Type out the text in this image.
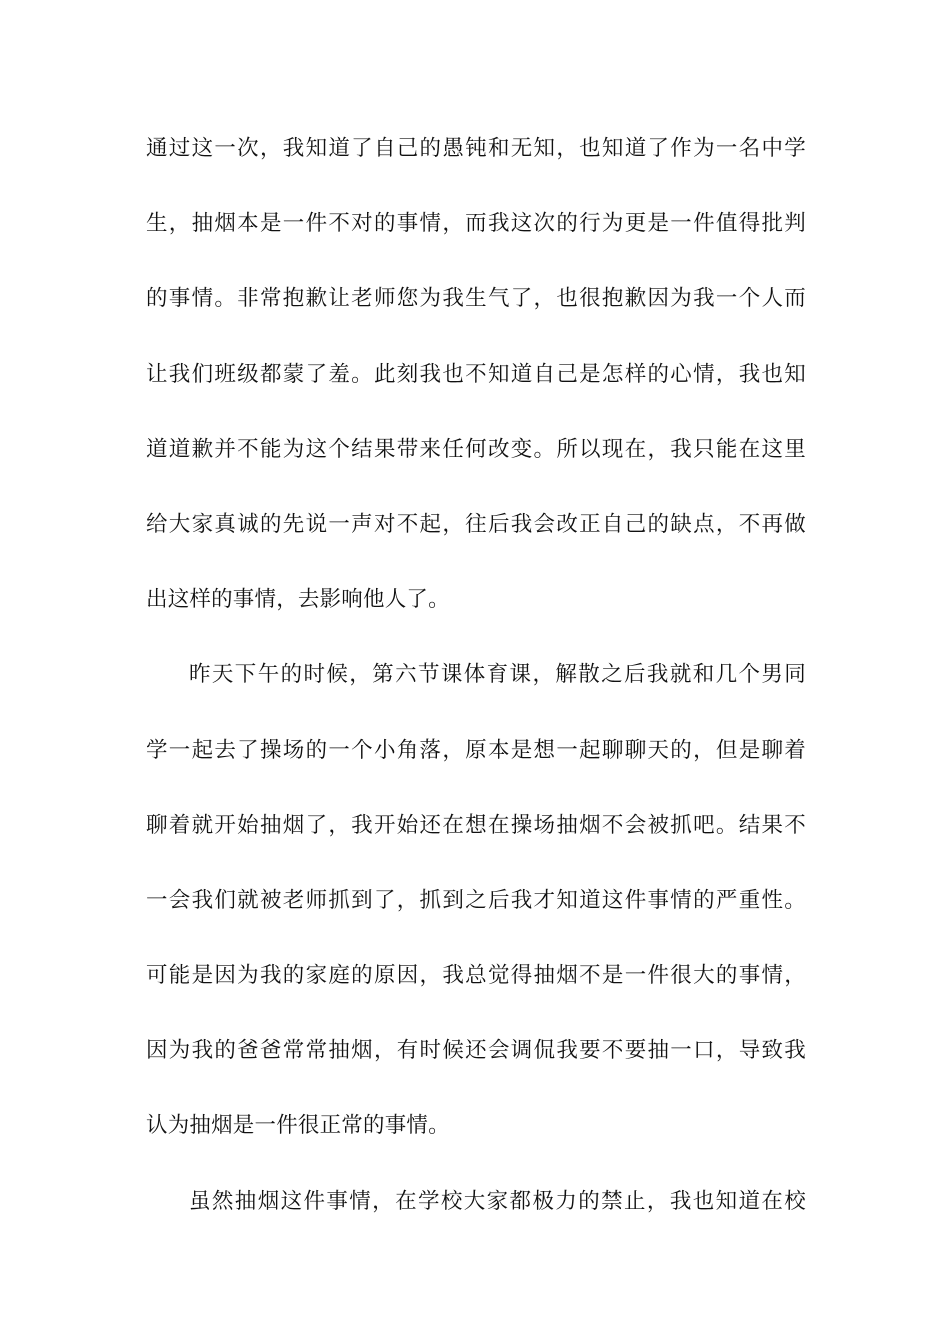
通过这一次，我知道了自己的愚钝和无知，也知道了作为一名中学
生，抽烟本是一件不对的事情，而我这次的行为更是一件值得批判
的事情。非常抱歉让老师您为我生气了，也很抱歉因为我一个人而
让我们班级都蒙了羞。此刻我也不知道自己是怎样的心情，我也知
道道歉并不能为这个结果带来任何改变。所以现在，我只能在这里
给大家真诚的先说一声对不起，往后我会改正自己的缺点，不再做
出这样的事情，去影响他人了。
昨天下午的时候，第六节课体育课，解散之后我就和几个男同
学一起去了操场的一个小角落，原本是想一起聊聊天的，但是聊着
聊着就开始抽烟了，我开始还在想在操场抽烟不会被抓吧。结果不
一会我们就被老师抓到了，抓到之后我才知道这件事情的严重性。
可能是因为我的家庭的原因，我总觉得抽烟不是一件很大的事情，
因为我的爸爸常常抽烟，有时候还会调侃我要不要抽一口，导致我
认为抽烟是一件很正常的事情。
虽然抽烟这件事情，在学校大家都极力的禁止，我也知道在校
